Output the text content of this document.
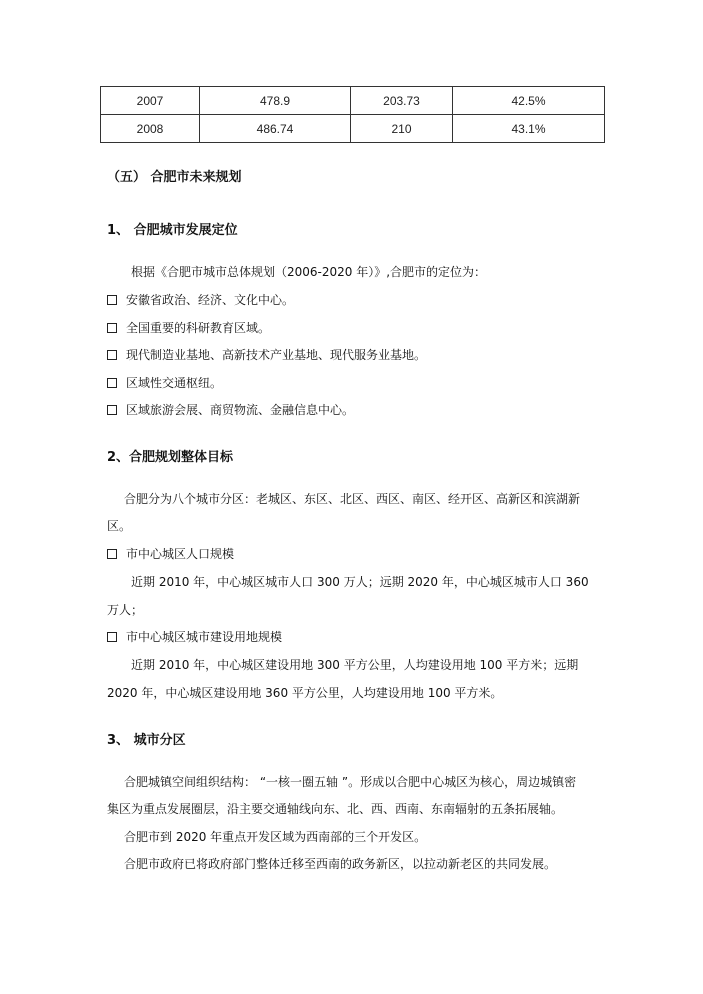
2007	478.9	203.73	42.5%
2008	486.74	210	43.1%
（五） 合肥市未来规划
1、 合肥城市发展定位
根据《合肥市城市总体规划（2006-2020 年）》,合肥市的定位为：
安徽省政治、经济、文化中心。
全国重要的科研教育区域。
现代制造业基地、高新技术产业基地、现代服务业基地。
区域性交通枢纽。
区域旅游会展、商贸物流、金融信息中心。
2、合肥规划整体目标
合肥分为八个城市分区：老城区、东区、北区、西区、南区、经开区、高新区和滨湖新
区。
市中心城区人口规模
近期 2010 年，中心城区城市人口 300 万人；远期 2020 年，中心城区城市人口 360
万人；
市中心城区城市建设用地规模
近期 2010 年，中心城区建设用地 300 平方公里，人均建设用地 100 平方米；远期
2020 年，中心城区建设用地 360 平方公里，人均建设用地 100 平方米。
3、 城市分区
合肥城镇空间组织结构： “一核一圈五轴 ”。形成以合肥中心城区为核心，周边城镇密
集区为重点发展圈层，沿主要交通轴线向东、北、西、西南、东南辐射的五条拓展轴。
合肥市到 2020 年重点开发区域为西南部的三个开发区。
合肥市政府已将政府部门整体迁移至西南的政务新区，以拉动新老区的共同发展。
